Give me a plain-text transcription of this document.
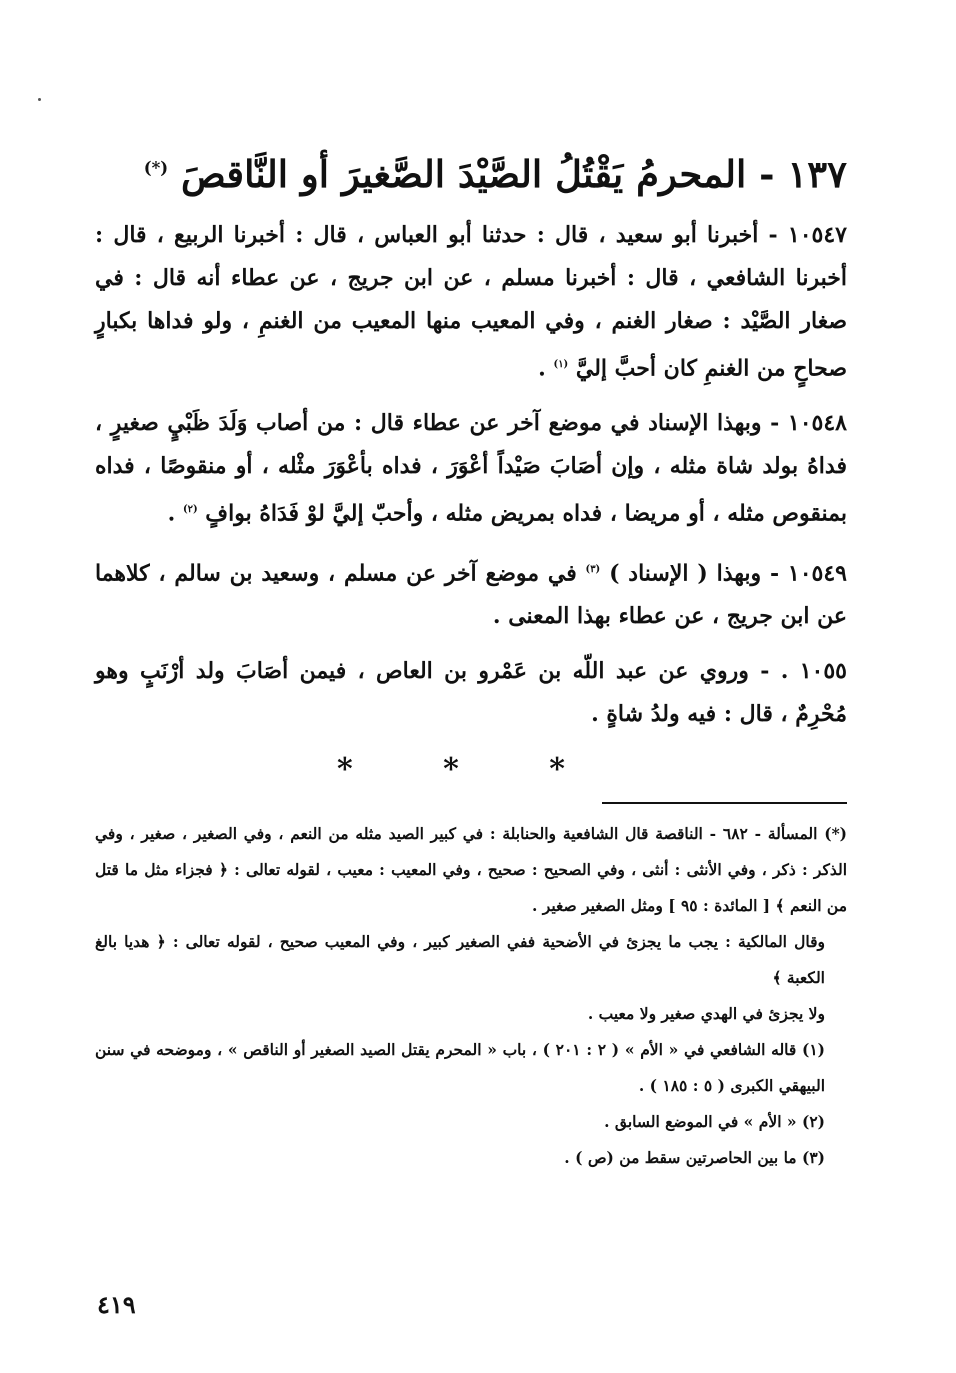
١٣٧ - المحرمُ يَقْتُلُ الصَّيْدَ الصَّغيرَ أو النَّاقصَ (*)

١٠٥٤٧ - أخبرنا أبو سعيد ، قال : حدثنا أبو العباس ، قال : أخبرنا الربيع ، قال : أخبرنا الشافعي ، قال : أخبرنا مسلم ، عن ابن جريج ، عن عطاء أنه قال : في صغار الصَّيْد : صغار الغنم ، وفي المعيب منها المعيب من الغنمِ ، ولو فداها بكبارٍ صحاحٍ من الغنمِ كان أحبَّ إليَّ $^{(١)}$ .

١٠٥٤٨ - وبهذا الإسناد في موضع آخر عن عطاء قال : من أصاب وَلَدَ ظَبْيٍ صغيرٍ ، فداهُ بولد شاة مثله ، وإن أصَابَ صَيْداً أعْوَرَ ، فداه بأعْوَرَ مثْله ، أو منقوصًا ، فداه بمنقوص مثله ، أو مريضا ، فداه بمريض مثله ، وأحبّ إليَّ لوْ فَدَاهُ بوافٍ $^{(٢)}$ .

١٠٥٤٩ - وبهذا ( الإسناد ) $^{(٣)}$ في موضع آخر عن مسلم ، وسعيد بن سالم ، كلاهما عن ابن جريج ، عن عطاء بهذا المعنى .

١٠٥٥ . - وروي عن عبد اللّه بن عَمْرو بن العاص ، فيمن أصَابَ ولد أرْنَبٍ وهو مُحْرِمٌ ، قال : فيه ولدُ شاةٍ .

* * *

(*) المسألة - ٦٨٢ - الناقصة قال الشافعية والحنابلة : في كبير الصيد مثله من النعم ، وفي الصغير ، صغير ، وفي الذكر : ذكر ، وفي الأنثى : أنثى ، وفي الصحيح : صحيح ، وفي المعيب : معيب ، لقوله تعالى : ﴿ فجزاء مثل ما قتل من النعم ﴾ [ المائدة : ٩٥ ] ومثل الصغير صغير .

وقال المالكية : يجب ما يجزئ في الأضحية ففي الصغير كبير ، وفي المعيب صحيح ، لقوله تعالى : ﴿ هديا بالغ الكعبة ﴾

ولا يجزئ في الهدي صغير ولا معيب .

(١) قاله الشافعي في « الأم » ( ٢ : ٢٠١ ) ، باب « المحرم يقتل الصيد الصغير أو الناقص » ، وموضحه في سنن البيهقي الكبرى ( ٥ : ١٨٥ ) .

(٢) « الأم » في الموضع السابق .

(٣) ما بين الحاصرتين سقط من (ص ) .

٤١٩
